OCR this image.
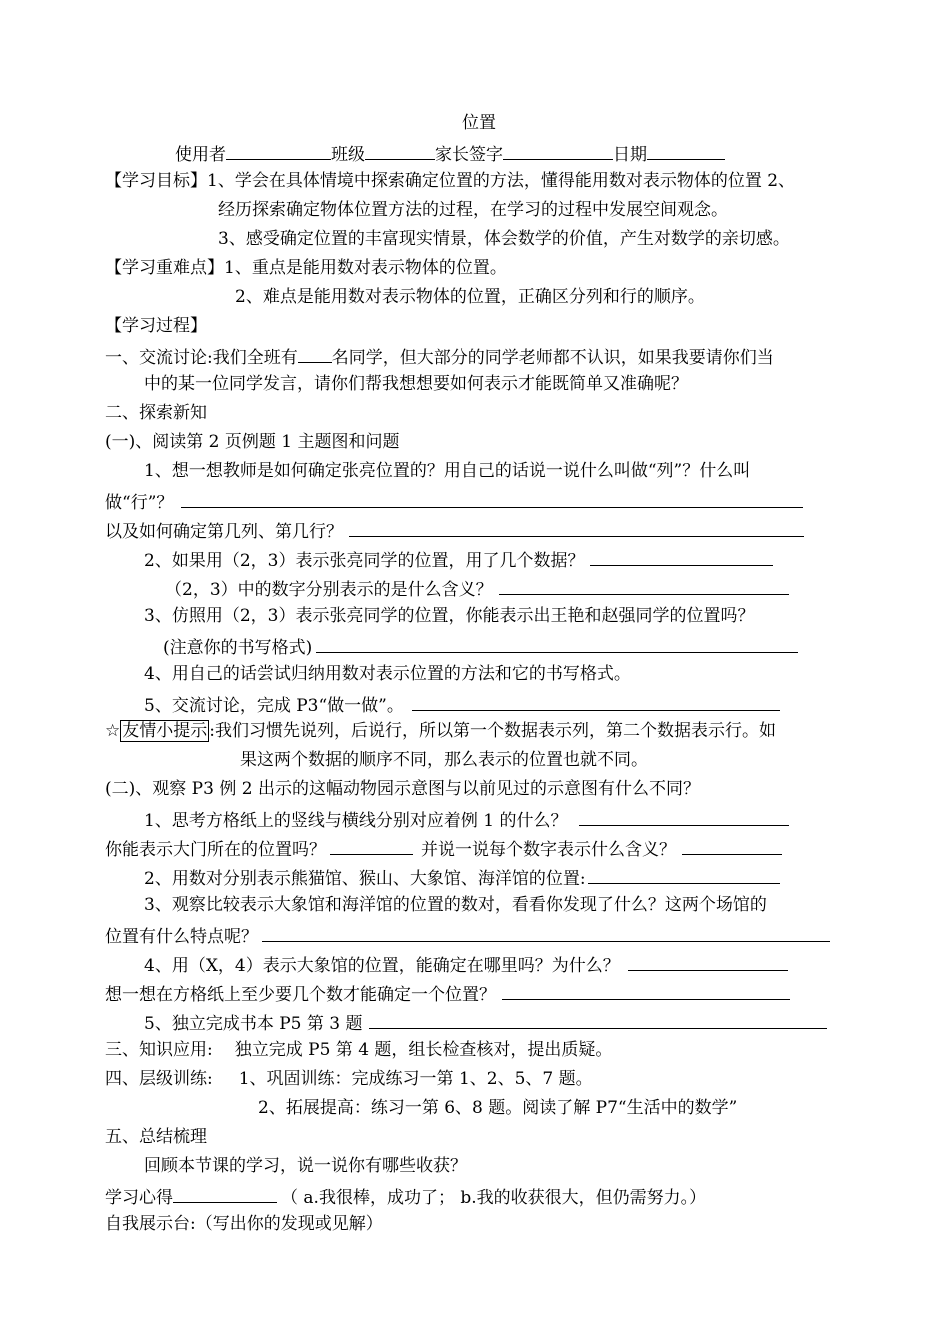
位置
使用者	班级	家长签字	日期
【学习目标】1、学会在具体情境中探索确定位置的方法，懂得能用数对表示物体的位置 2、
经历探索确定物体位置方法的过程，在学习的过程中发展空间观念。
3、感受确定位置的丰富现实情景，体会数学的价值，产生对数学的亲切感。
【学习重难点】1、重点是能用数对表示物体的位置。
2、难点是能用数对表示物体的位置，正确区分列和行的顺序。
【学习过程】
一、交流讨论:我们全班有 名同学，但大部分的同学老师都不认识，如果我要请你们当
中的某一位同学发言，请你们帮我想想要如何表示才能既简单又准确呢？
二、探索新知
(一)、阅读第 2 页例题 1 主题图和问题
1、想一想教师是如何确定张亮位置的？用自己的话说一说什么叫做“列”？什么叫
做“行”？
以及如何确定第几列、第几行？
2、如果用（2，3）表示张亮同学的位置，用了几个数据？
（2，3）中的数字分别表示的是什么含义？
3、仿照用（2，3）表示张亮同学的位置，你能表示出王艳和赵强同学的位置吗？
(注意你的书写格式)
4、用自己的话尝试归纳用数对表示位置的方法和它的书写格式。
5、交流讨论，完成 P3“做一做”。
☆ 友情小提示 :我们习惯先说列，后说行，所以第一个数据表示列，第二个数据表示行。如
果这两个数据的顺序不同，那么表示的位置也就不同。
(二)、观察 P3 例 2 出示的这幅动物园示意图与以前见过的示意图有什么不同？
1、思考方格纸上的竖线与横线分别对应着例 1 的什么？
你能表示大门所在的位置吗？	并说一说每个数字表示什么含义？
2、用数对分别表示熊猫馆、猴山、大象馆、海洋馆的位置:
3、观察比较表示大象馆和海洋馆的位置的数对，看看你发现了什么？这两个场馆的
位置有什么特点呢？
4、用（X，4）表示大象馆的位置，能确定在哪里吗？为什么？
想一想在方格纸上至少要几个数才能确定一个位置？
5、独立完成书本 P5 第 3 题
三、知识应用: 独立完成 P5 第 4 题，组长检查核对，提出质疑。
四、层级训练: 1、巩固训练：完成练习一第 1、2、5、7 题。
2、拓展提高：练习一第 6、8 题。阅读了解 P7“生活中的数学”
五、总结梳理
回顾本节课的学习，说一说你有哪些收获？
学习心得	（ a.我很棒，成功了； b.我的收获很大，但仍需努力。）
自我展示台:（写出你的发现或见解）
